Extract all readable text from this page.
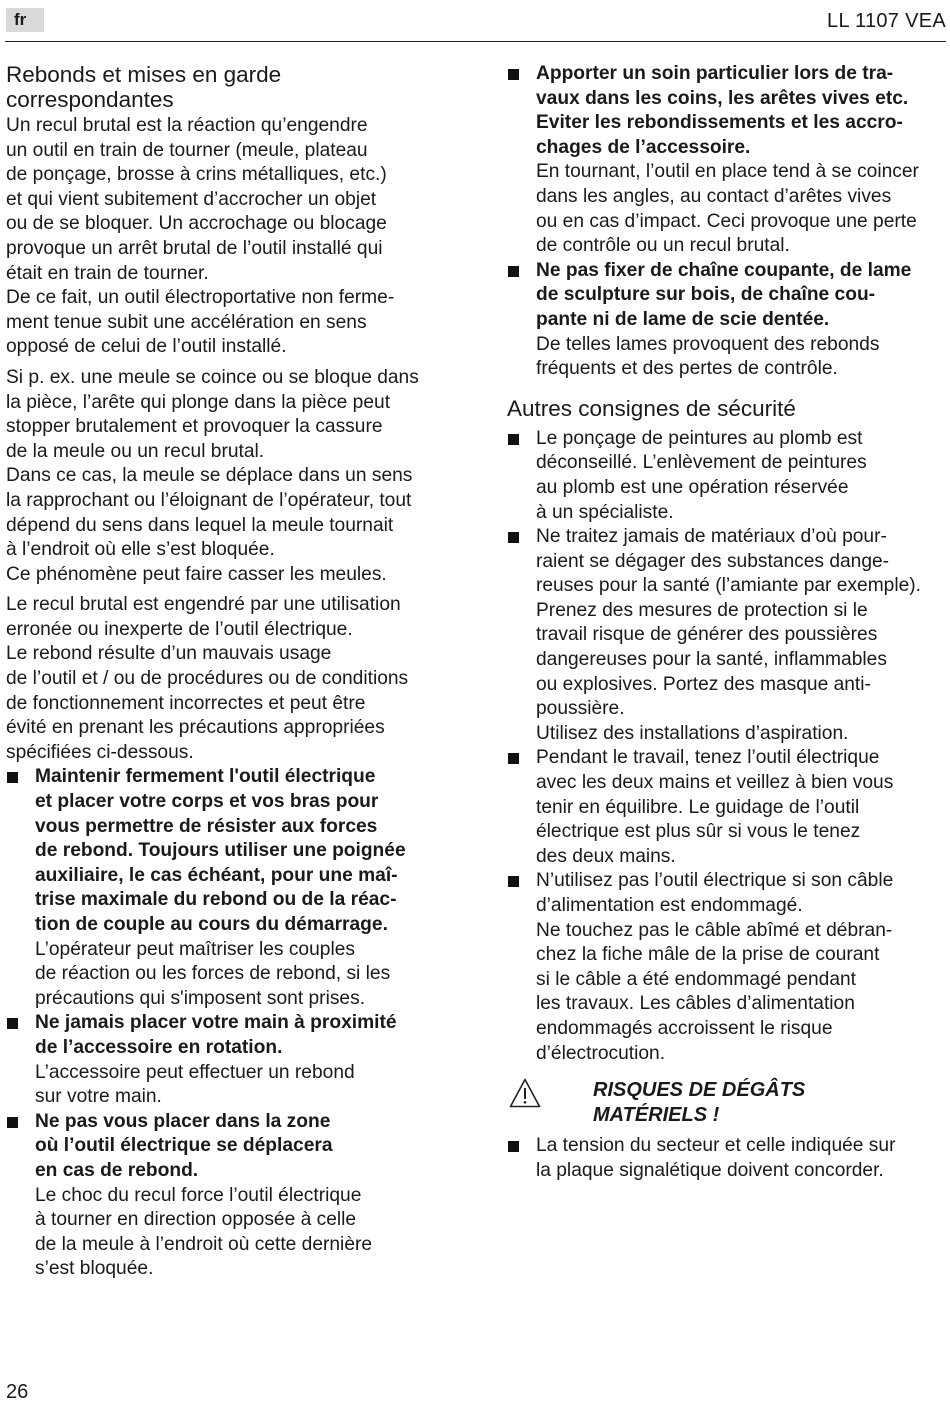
fr	LL 1107 VEA
Rebonds et mises en garde
correspondantes

Un recul brutal est la réaction qu’engendre
un outil en train de tourner (meule, plateau
de ponçage, brosse à crins métalliques, etc.)
et qui vient subitement d’accrocher un objet
ou de se bloquer. Un accrochage ou blocage
provoque un arrêt brutal de l’outil installé qui
était en train de tourner.

De ce fait, un outil électroportative non ferme-
ment tenue subit une accélération en sens
opposé de celui de l’outil installé.

Si p. ex. une meule se coince ou se bloque dans
la pièce, l’arête qui plonge dans la pièce peut
stopper brutalement et provoquer la cassure
de la meule ou un recul brutal.

Dans ce cas, la meule se déplace dans un sens
la rapprochant ou l’éloignant de l’opérateur, tout
dépend du sens dans lequel la meule tournait
à l’endroit où elle s’est bloquée.

Ce phénomène peut faire casser les meules.

Le recul brutal est engendré par une utilisation
erronée ou inexperte de l’outil électrique.

Le rebond résulte d’un mauvais usage
de l’outil et / ou de procédures ou de conditions
de fonctionnement incorrectes et peut être
évité en prenant les précautions appropriées
spécifiées ci-dessous.

Maintenir fermement l'outil électrique
et placer votre corps et vos bras pour
vous permettre de résister aux forces
de rebond. Toujours utiliser une poignée
auxiliaire, le cas échéant, pour une maî-
trise maximale du rebond ou de la réac-
tion de couple au cours du démarrage.
L’opérateur peut maîtriser les couples
de réaction ou les forces de rebond, si les
précautions qui s'imposent sont prises.
Ne jamais placer votre main à proximité
de l’accessoire en rotation.
L’accessoire peut effectuer un rebond
sur votre main.
Ne pas vous placer dans la zone
où l’outil électrique se déplacera
en cas de rebond.
Le choc du recul force l’outil électrique
à tourner en direction opposée à celle
de la meule à l’endroit où cette dernière
s’est bloquée.
Apporter un soin particulier lors de tra-
vaux dans les coins, les arêtes vives etc.
Eviter les rebondissements et les accro-
chages de l’accessoire.
En tournant, l’outil en place tend à se coincer
dans les angles, au contact d’arêtes vives
ou en cas d’impact. Ceci provoque une perte
de contrôle ou un recul brutal.
Ne pas fixer de chaîne coupante, de lame
de sculpture sur bois, de chaîne cou-
pante ni de lame de scie dentée.
De telles lames provoquent des rebonds
fréquents et des pertes de contrôle.
Autres consignes de sécurité
Le ponçage de peintures au plomb est
déconseillé. L’enlèvement de peintures
au plomb est une opération réservée
à un spécialiste.
Ne traitez jamais de matériaux d’où pour-
raient se dégager des substances dange-
reuses pour la santé (l’amiante par exemple).
Prenez des mesures de protection si le
travail risque de générer des poussières
dangereuses pour la santé, inflammables
ou explosives. Portez des masque anti-
poussière.
Utilisez des installations d’aspiration.
Pendant le travail, tenez l’outil électrique
avec les deux mains et veillez à bien vous
tenir en équilibre. Le guidage de l’outil
électrique est plus sûr si vous le tenez
des deux mains.
N’utilisez pas l’outil électrique si son câble
d’alimentation est endommagé.
Ne touchez pas le câble abîmé et débran-
chez la fiche mâle de la prise de courant
si le câble a été endommagé pendant
les travaux. Les câbles d’alimentation
endommagés accroissent le risque
d’électrocution.
RISQUES DE DÉGÂTS
MATÉRIELS !
La tension du secteur et celle indiquée sur
la plaque signalétique doivent concorder.
26
